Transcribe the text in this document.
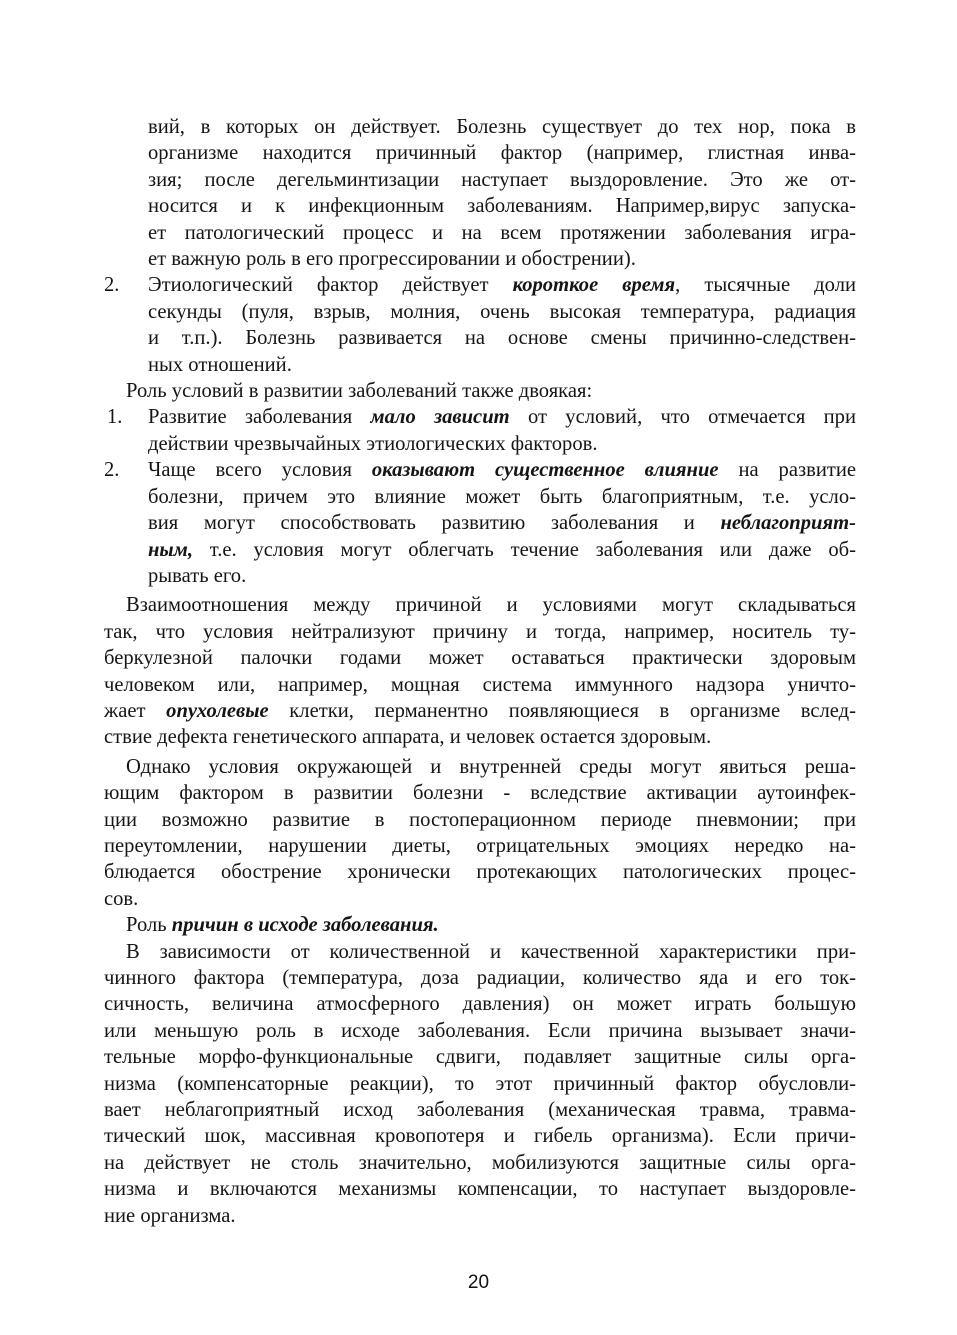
вий, в которых он действует. Болезнь существует до тех нор, пока в
организме находится причинный фактор (например, глистная инва-
зия; после дегельминтизации наступает выздоровление. Это же от-
носится и к инфекционным заболеваниям. Например,вирус запуска-
ет патологический процесс и на всем протяжении заболевания игра-
ет важную роль в его прогрессировании и обострении).
2.	Этиологический фактор действует короткое время, тысячные доли
секунды (пуля, взрыв, молния, очень высокая температура, радиация
и т.п.). Болезнь развивается на основе смены причинно-следствен-
ных отношений.
Роль условий в развитии заболеваний также двоякая:
1.	Развитие заболевания мало зависит от условий, что отмечается при
действии чрезвычайных этиологических факторов.
2.	Чаще всего условия оказывают существенное влияние на развитие
болезни, причем это влияние может быть благоприятным, т.е. усло-
вия могут способствовать развитию заболевания и неблагоприят-
ным, т.е. условия могут облегчать течение заболевания или даже об-
рывать его.
Взаимоотношения между причиной и условиями могут складываться
так, что условия нейтрализуют причину и тогда, например, носитель ту-
беркулезной палочки годами может оставаться практически здоровым
человеком или, например, мощная система иммунного надзора уничто-
жает опухолевые клетки, перманентно появляющиеся в организме вслед-
ствие дефекта генетического аппарата, и человек остается здоровым.
Однако условия окружающей и внутренней среды могут явиться реша-
ющим фактором в развитии болезни - вследствие активации аутоинфек-
ции возможно развитие в постоперационном периоде пневмонии; при
переутомлении, нарушении диеты, отрицательных эмоциях нередко на-
блюдается обострение хронически протекающих патологических процес-
сов.
Роль причин в исходе заболевания.
В зависимости от количественной и качественной характеристики при-
чинного фактора (температура, доза радиации, количество яда и его ток-
сичность, величина атмосферного давления) он может играть большую
или меньшую роль в исходе заболевания. Если причина вызывает значи-
тельные морфо-функциональные сдвиги, подавляет защитные силы орга-
низма (компенсаторные реакции), то этот причинный фактор обусловли-
вает неблагоприятный исход заболевания (механическая травма, травма-
тический шок, массивная кровопотеря и гибель организма). Если причи-
на действует не столь значительно, мобилизуются защитные силы орга-
низма и включаются механизмы компенсации, то наступает выздоровле-
ние организма.
20
